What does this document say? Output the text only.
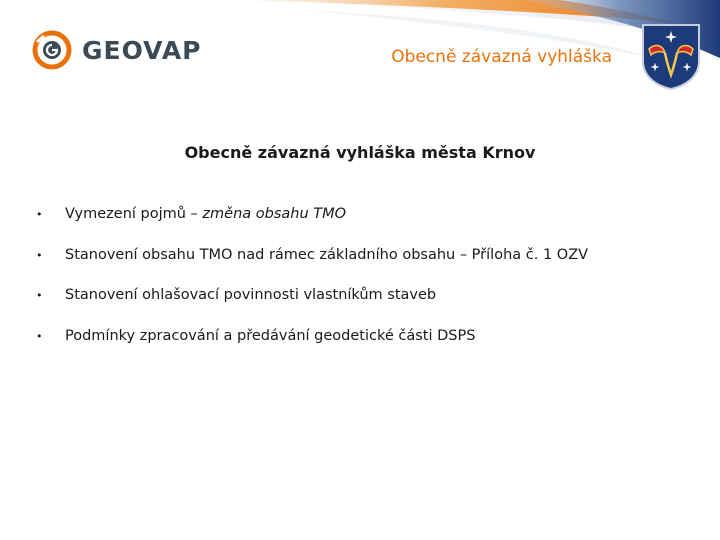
GEOVAP	Obecně závazná vyhláška
Obecně závazná vyhláška města Krnov
•	Vymezení pojmů – změna obsahu TMO
•	Stanovení obsahu TMO nad rámec základního obsahu – Příloha č. 1 OZV
•	Stanovení ohlašovací povinnosti vlastníkům staveb
•	Podmínky zpracování a předávání geodetické části DSPS
